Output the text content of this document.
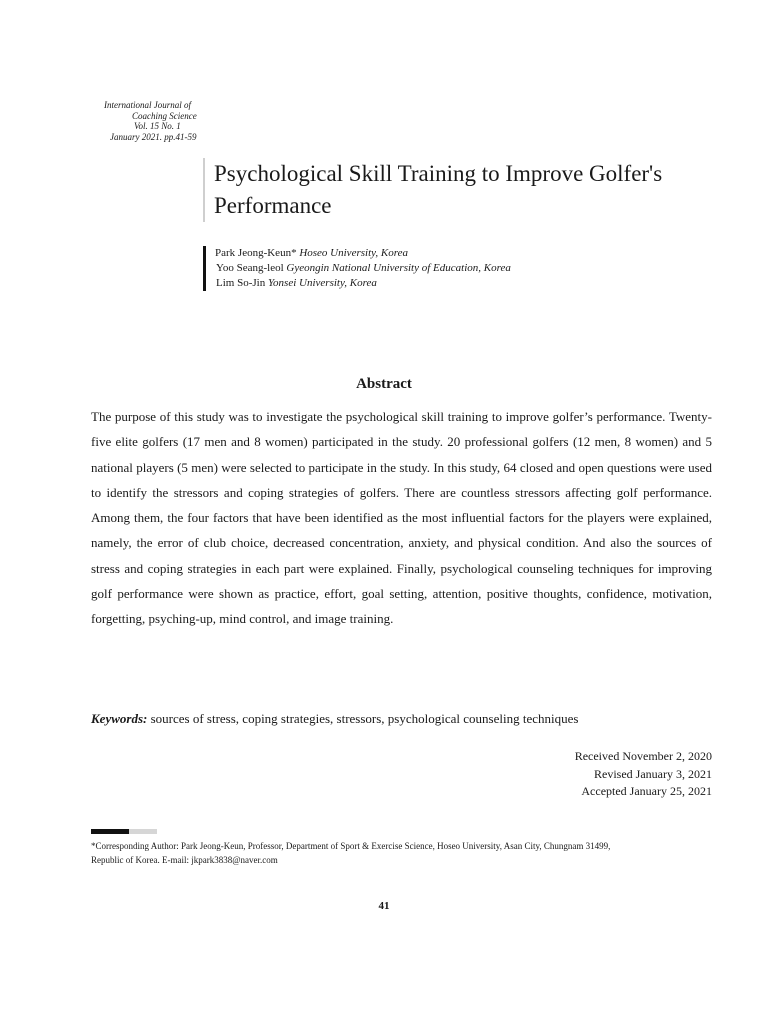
International Journal of
Coaching Science
Vol. 15 No. 1
January 2021. pp.41-59
Psychological Skill Training to Improve Golfer's Performance
Park Jeong-Keun* Hoseo University, Korea
Yoo Seang-leol Gyeongin National University of Education, Korea
Lim So-Jin Yonsei University, Korea
Abstract

The purpose of this study was to investigate the psychological skill training to improve golfer’s performance. Twenty-five elite golfers (17 men and 8 women) participated in the study. 20 professional golfers (12 men, 8 women) and 5 national players (5 men) were selected to participate in the study. In this study, 64 closed and open questions were used to identify the stressors and coping strategies of golfers. There are countless stressors affecting golf performance. Among them, the four factors that have been identified as the most influential factors for the players were explained, namely, the error of club choice, decreased concentration, anxiety, and physical condition. And also the sources of stress and coping strategies in each part were explained. Finally, psychological counseling techniques for improving golf performance were shown as practice, effort, goal setting, attention, positive thoughts, confidence, motivation, forgetting, psyching-up, mind control, and image training.

Keywords: sources of stress, coping strategies, stressors, psychological counseling techniques
Received November 2, 2020
Revised January 3, 2021
Accepted January 25, 2021
*Corresponding Author: Park Jeong-Keun, Professor, Department of Sport & Exercise Science, Hoseo University, Asan City, Chungnam 31499,
Republic of Korea. E-mail: jkpark3838@naver.com
41
